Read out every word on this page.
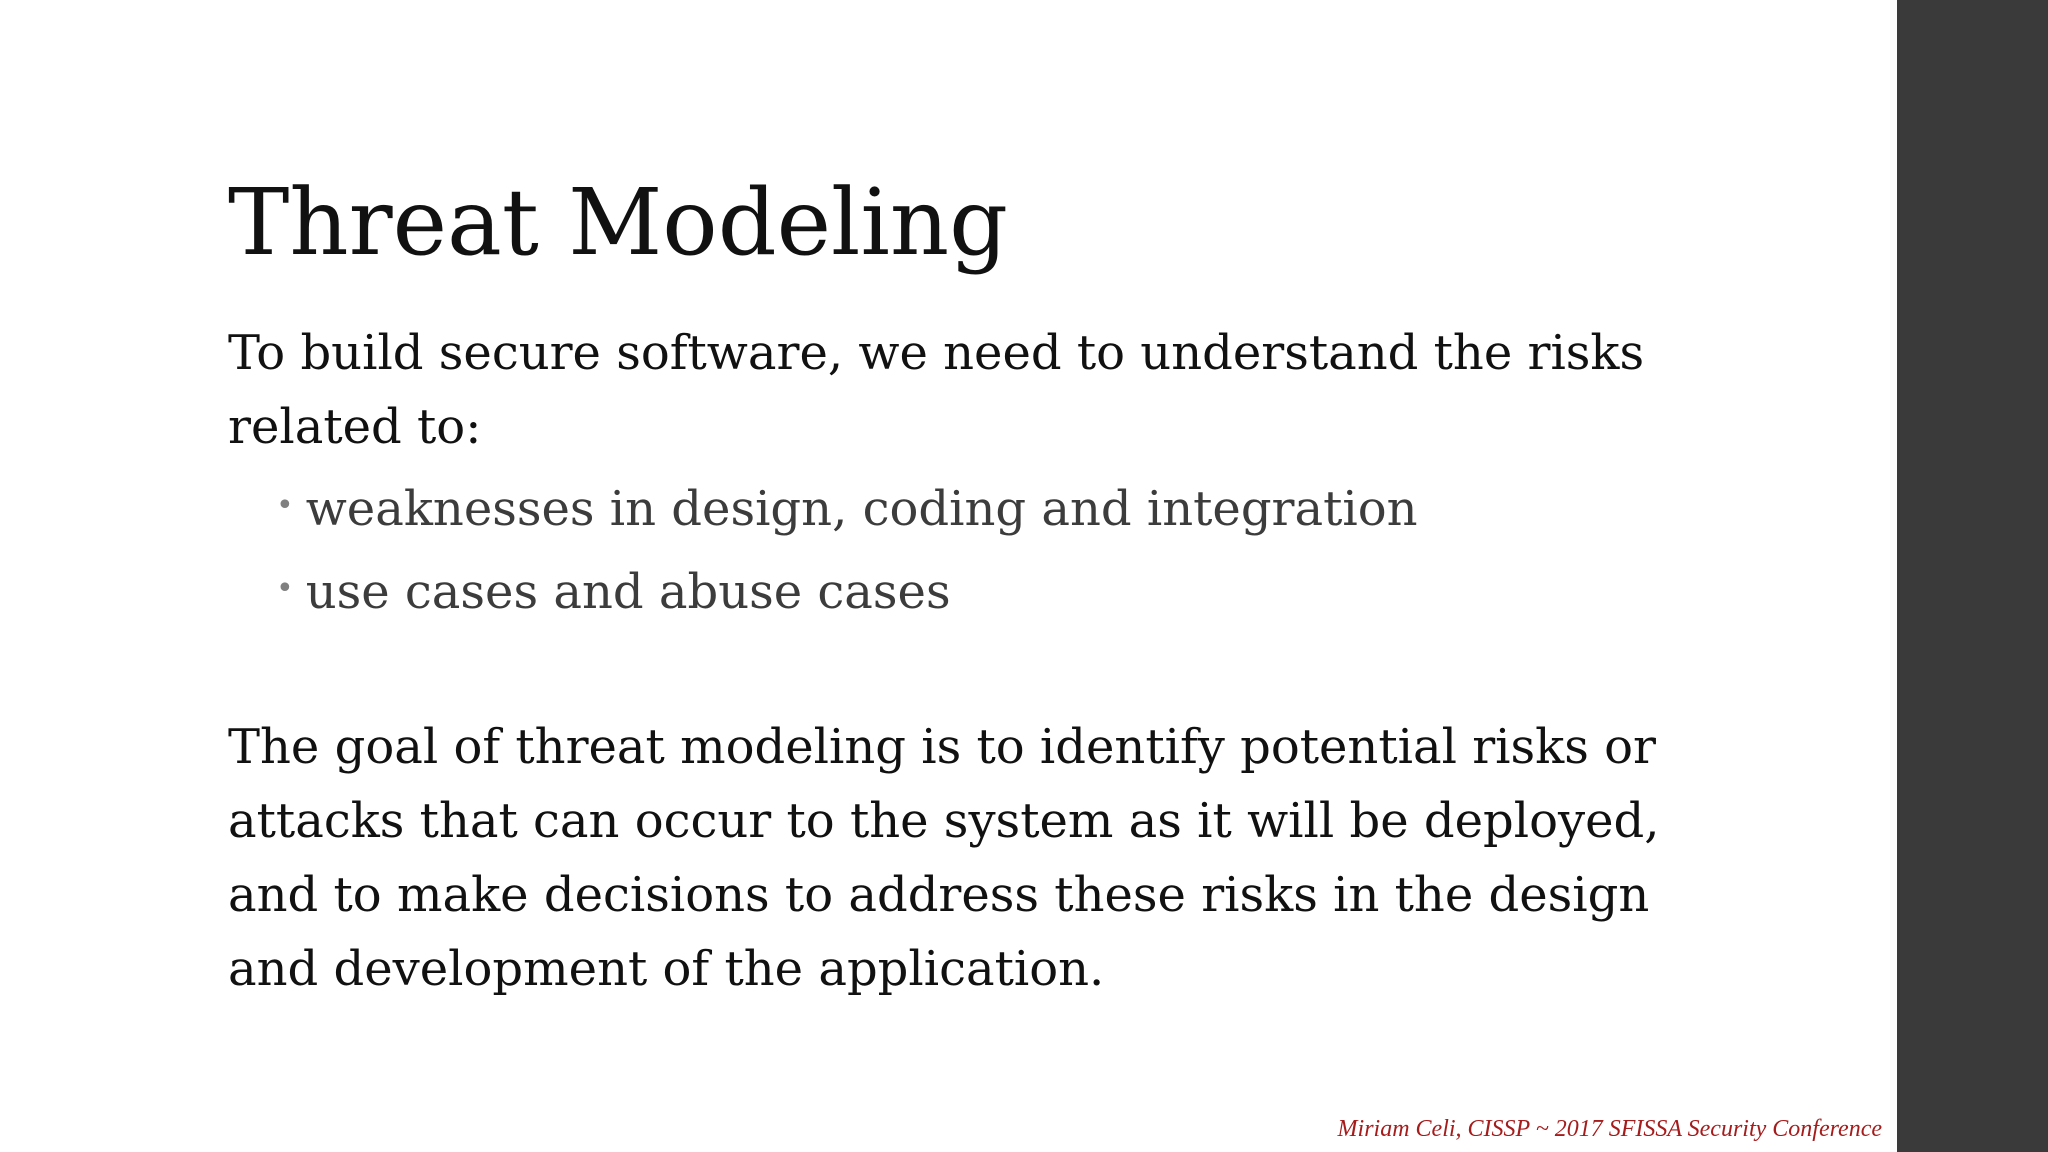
Threat Modeling

To build secure software, we need to understand the risks related to:

• weaknesses in design, coding and integration
• use cases and abuse cases

The goal of threat modeling is to identify potential risks or attacks that can occur to the system as it will be deployed, and to make decisions to address these risks in the design and development of the application.

Miriam Celi, CISSP ~ 2017 SFISSA Security Conference
